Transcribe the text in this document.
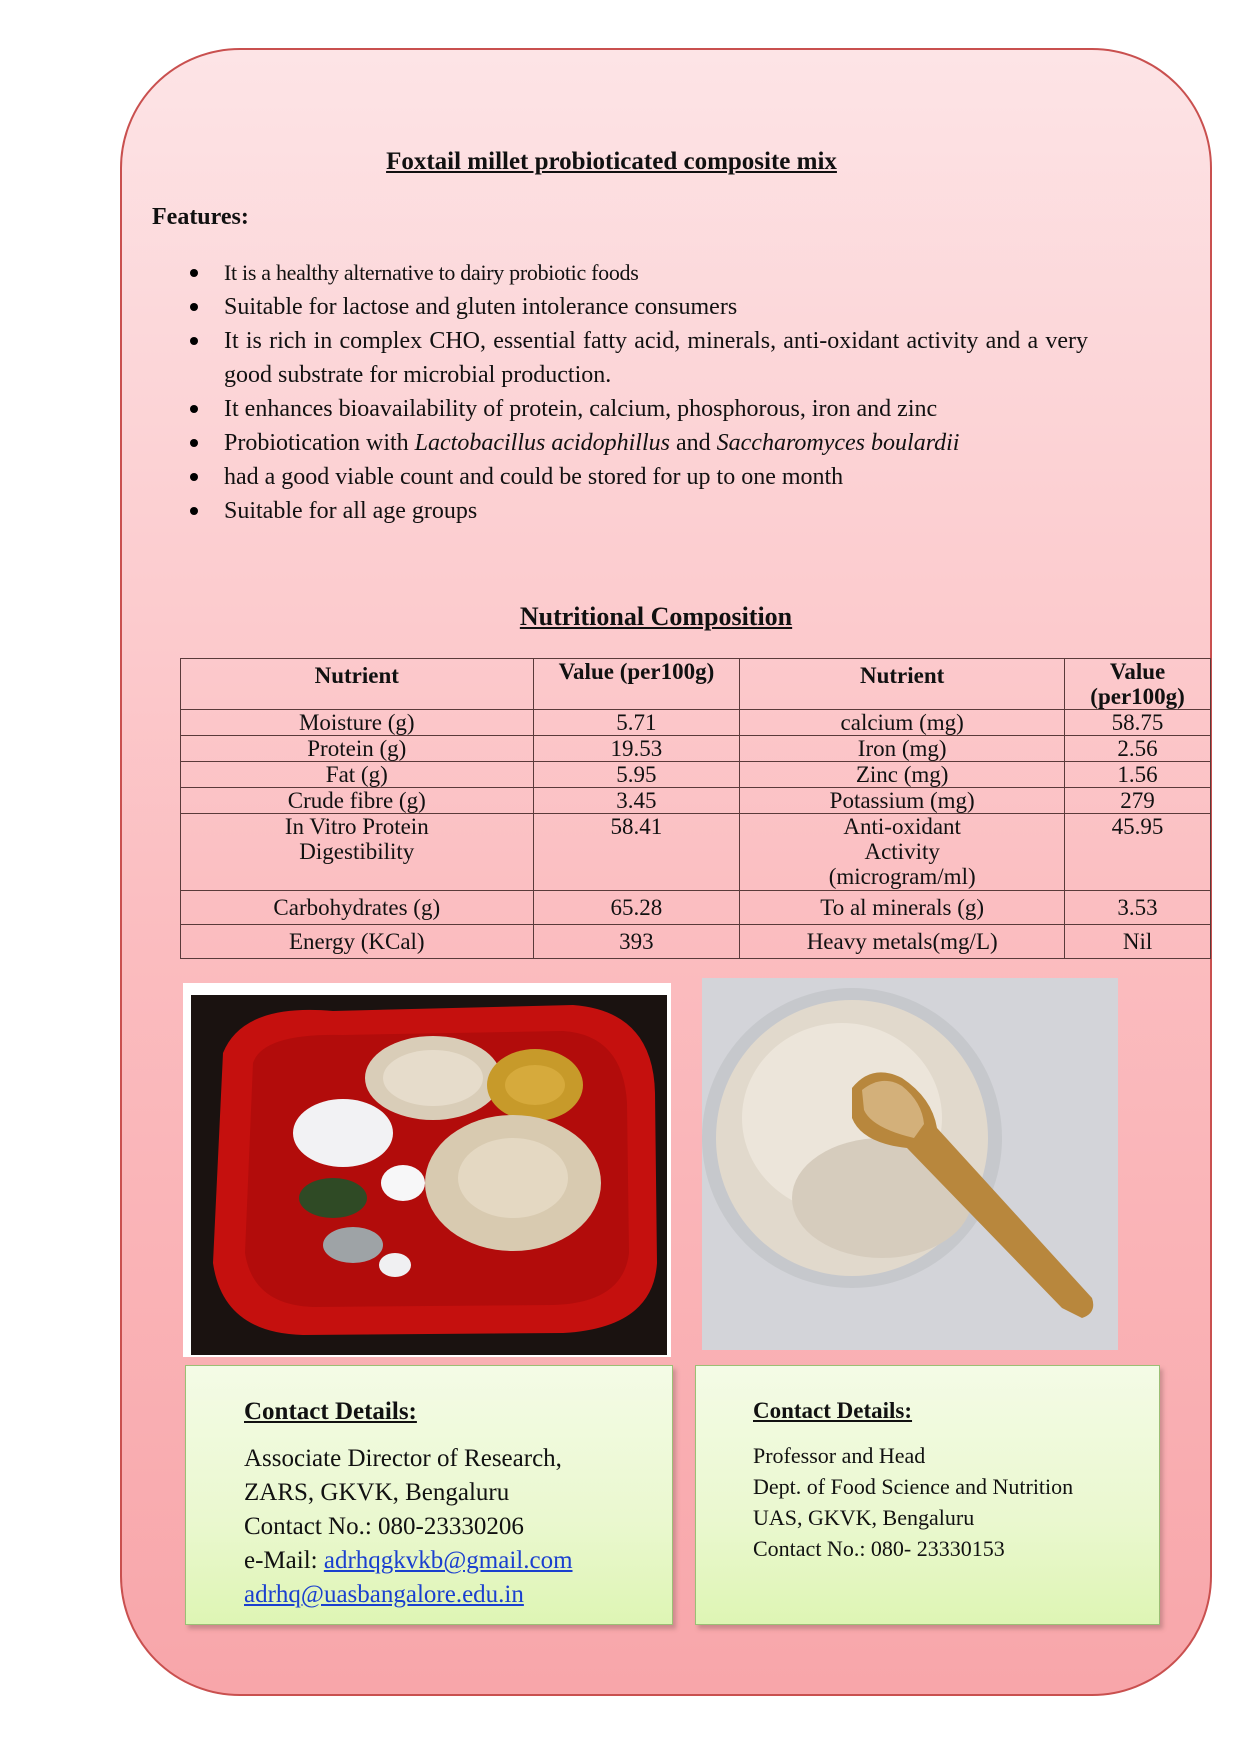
Foxtail millet probioticated composite mix
Features:
It is a healthy alternative to dairy probiotic foods
Suitable for lactose and gluten intolerance consumers
It is rich in complex CHO, essential fatty acid, minerals, anti-oxidant activity and a very good substrate for microbial production.
It enhances bioavailability of protein, calcium, phosphorous, iron and zinc
Probiotication with Lactobacillus acidophillus and Saccharomyces boulardii
had a good viable count and could be stored for up to one month
Suitable for all age groups
Nutritional Composition
Nutrient	Value (per100g)	Nutrient	Value (per100g)
Moisture (g)	5.71	calcium (mg)	58.75
Protein (g)	19.53	Iron (mg)	2.56
Fat (g)	5.95	Zinc (mg)	1.56
Crude fibre (g)	3.45	Potassium (mg)	279
In Vitro Protein Digestibility	58.41	Anti-oxidant Activity (microgram/ml)	45.95
Carbohydrates (g)	65.28	To al minerals (g)	3.53
Energy (KCal)	393	Heavy metals(mg/L)	Nil
Contact Details:
Associate Director of Research,
ZARS, GKVK, Bengaluru
Contact No.: 080-23330206
e-Mail: adrhqgkvkb@gmail.com
adrhq@uasbangalore.edu.in
Contact Details:
Professor and Head
Dept. of Food Science and Nutrition
UAS, GKVK, Bengaluru
Contact No.: 080- 23330153
